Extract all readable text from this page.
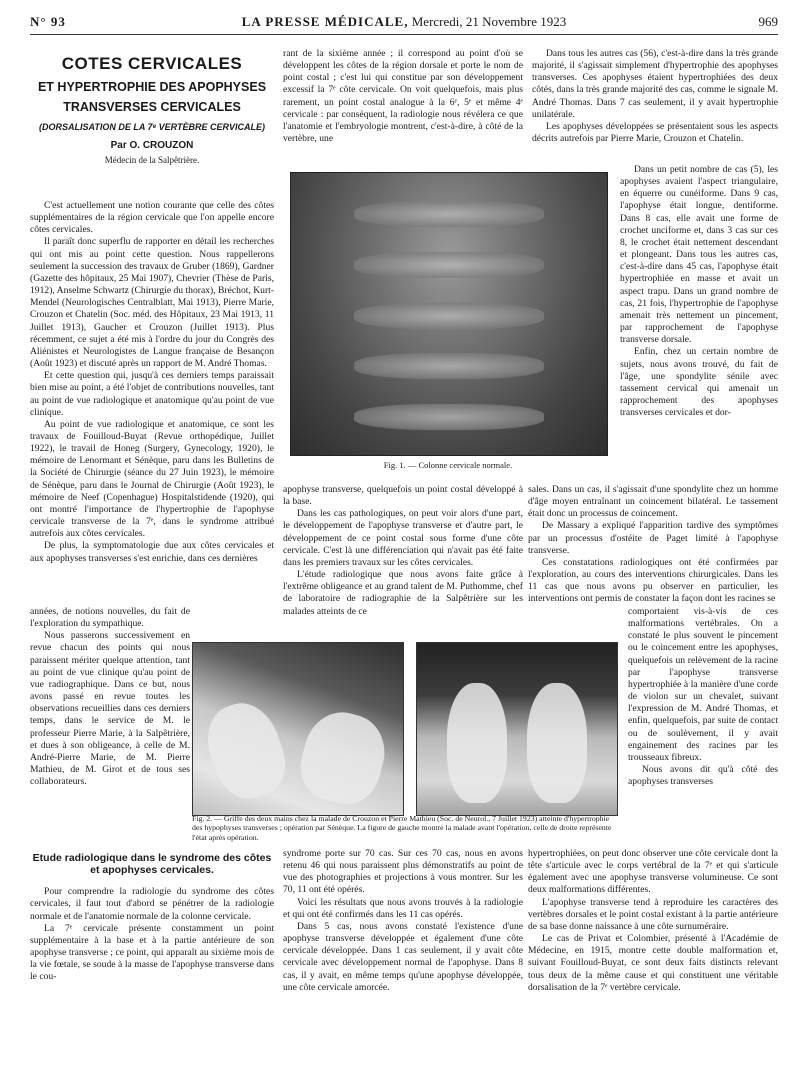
N° 93	LA PRESSE MÉDICALE, Mercredi, 21 Novembre 1923	969
COTES CERVICALES
ET HYPERTROPHIE DES APOPHYSES
TRANSVERSES CERVICALES
(DORSALISATION DE LA 7ᵉ VERTÈBRE CERVICALE)
Par O. CROUZON
Médecin de la Salpêtrière.

C'est actuellement une notion courante que celle des côtes supplémentaires de la région cervicale que l'on appelle encore côtes cervicales.

Il paraît donc superflu de rapporter en détail les recherches qui ont mis au point cette question. Nous rappellerons seulement la succession des travaux de Gruber (1869), Gardner (Gazette des hôpitaux, 25 Mai 1907), Chevrier (Thèse de Paris, 1912), Anselme Schwartz (Chirurgie du thorax), Bréchot, Kurt-Mendel (Neurologisches Centralblatt, Mai 1913), Pierre Marie, Crouzon et Chatelin (Soc. méd. des Hôpitaux, 23 Mai 1913, 11 Juillet 1913), Gaucher et Crouzon (Juillet 1913). Plus récemment, ce sujet a été mis à l'ordre du jour du Congrès des Aliénistes et Neurologistes de Langue française de Besançon (Août 1923) et discuté après un rapport de M. André Thomas.

Et cette question qui, jusqu'à ces derniers temps paraissait bien mise au point, a été l'objet de contributions nouvelles, tant au point de vue radiologique et anatomique qu'au point de vue clinique.

Au point de vue radiologique et anatomique, ce sont les travaux de Fouilloud-Buyat (Revue orthopédique, Juillet 1922), le travail de Honeg (Surgery, Gynecology, 1920), le mémoire de Lenormant et Sénèque, paru dans les Bulletins de la Société de Chirurgie (séance du 27 Juin 1923), le mémoire de Sénèque, paru dans le Journal de Chirurgie (Août 1923), le mémoire de Neef (Copenhague) Hospitalstidende (1920), qui ont montré l'importance de l'hypertrophie de l'apophyse cervicale transverse de la 7ᵉ, dans le syndrome attribué autrefois aux côtes cervicales.

De plus, la symptomatologie due aux côtes cervicales et aux apophyses transverses s'est enrichie, dans ces dernières

années, de notions nouvelles, du fait de l'exploration du sympathique.

Nous passerons successivement en revue chacun des points qui nous paraissent mériter quelque attention, tant au point de vue clinique qu'au point de vue radiographique. Dans ce but, nous avons passé en revue toutes les observations recueillies dans ces derniers temps, dans le service de M. le professeur Pierre Marie, à la Salpêtrière, et dues à son obligeance, à celle de M. André-Pierre Marie, de M. Pierre Mathieu, de M. Girot et de tous ses collaborateurs.

Etude radiologique dans le syndrome des côtes et apophyses cervicales.

Pour comprendre la radiologie du syndrome des côtes cervicales, il faut tout d'abord se pénétrer de la radiologie normale et de l'anatomie normale de la colonne cervicale.

La 7ᵉ cervicale présente constamment un point supplémentaire à la base et à la partie antérieure de son apophyse transverse ; ce point, qui apparaît au sixième mois de la vie fœtale, se soude à la masse de l'apophyse transverse dans le cou-

rant de la sixième année ; il correspond au point d'où se développent les côtes de la région dorsale et porte le nom de point costal ; c'est lui qui constitue par son développement excessif la 7ᵉ côte cervicale. On voit quelquefois, mais plus rarement, un point costal analogue à la 6ᵉ, 5ᵉ et même 4ᵉ cervicale : par conséquent, la radiologie nous révélera ce que l'anatomie et l'embryologie montrent, c'est-à-dire, à côté de la vertèbre, une

Fig. 1. — Colonne cervicale normale.

apophyse transverse, quelquefois un point costal développé à la base.

Dans les cas pathologiques, on peut voir alors d'une part, le développement de l'apophyse transverse et d'autre part, le développement de ce point costal sous forme d'une côte cervicale. C'est là une différenciation qui n'avait pas été faite dans les premiers travaux sur les côtes cervicales.

L'étude radiologique que nous avons faite grâce à l'extrême obligeance et au grand talent de M. Puthomme, chef de laboratoire de radiographie de la Salpêtrière sur les malades atteints de ce

Fig. 2. — Griffe des deux mains chez la malade de Crouzon et Pierre Mathieu (Soc. de Neurol., 7 Juillet 1923) atteinte d'hypertrophie des hypophyses transverses ; opération par Sénèque. La figure de gauche montre la malade avant l'opération, celle de droite représente l'état après opération.

syndrome porte sur 70 cas. Sur ces 70 cas, nous en avons retenu 46 qui nous paraissent plus démonstratifs au point de vue des photographies et projections à vous montrer. Sur les 70, 11 ont été opérés.

Voici les résultats que nous avons trouvés à la radiologie et qui ont été confirmés dans les 11 cas opérés.

Dans 5 cas, nous avons constaté l'existence d'une apophyse transverse développée et également d'une côte cervicale développée. Dans 1 cas seulement, il y avait côte cervicale avec développement normal de l'apophyse. Dans 8 cas, il y avait, en même temps qu'une apophyse développée, une côte cervicale amorcée.

Dans tous les autres cas (56), c'est-à-dire dans la très grande majorité, il s'agissait simplement d'hypertrophie des apophyses transverses. Ces apophyses étaient hypertrophiées des deux côtés, dans la très grande majorité des cas, comme le signale M. André Thomas. Dans 7 cas seulement, il y avait hypertrophie unilatérale.

Les apophyses développées se présentaient sous les aspects décrits autrefois par Pierre Marie, Crouzon et Chatelin.

Dans un petit nombre de cas (5), les apophyses avaient l'aspect triangulaire, en équerre ou cunéiforme. Dans 9 cas, l'apophyse était longue, dentiforme. Dans 8 cas, elle avait une forme de crochet unciforme et, dans 3 cas sur ces 8, le crochet était nettement descendant et plongeant. Dans tous les autres cas, c'est-à-dire dans 45 cas, l'apophyse était hypertrophiée en masse et avait un aspect trapu. Dans un grand nombre de cas, 21 fois, l'hypertrophie de l'apophyse amenait très nettement un pincement, par rapprochement de l'apophyse transverse dorsale.

Enfin, chez un certain nombre de sujets, nous avons trouvé, du fait de l'âge, une spondylite sénile avec tassement cervical qui amenait un rapprochement des apophyses transverses cervicales et dor-

sales. Dans un cas, il s'agissait d'une spondylite chez un homme d'âge moyen entraînant un coincement bilatéral. Le tassement était donc un processus de coincement.

De Massary a expliqué l'apparition tardive des symptômes par un processus d'ostéite de Paget limité à l'apophyse transverse.

Ces constatations radiologiques ont été confirmées par l'exploration, au cours des interventions chirurgicales. Dans les 11 cas que nous avons pu observer en particulier, les interventions ont permis de constater la façon dont les racines se

comportaient vis-à-vis de ces malformations vertébrales. On a constaté le plus souvent le pincement ou le coincement entre les apophyses, quelquefois un relèvement de la racine par l'apophyse transverse hypertrophiée à la manière d'une corde de violon sur un chevalet, suivant l'expression de M. André Thomas, et enfin, quelquefois, par suite de contact ou de soulèvement, il y avait engainement des racines par les trousseaux fibreux.

Nous avons dit qu'à côté des apophyses transverses

hypertrophiées, on peut donc observer une côte cervicale dont la tête s'articule avec le corps vertébral de la 7ᵉ et qui s'articule également avec une apophyse transverse volumineuse. Ce sont deux malformations différentes.

L'apophyse transverse tend à reproduire les caractères des vertèbres dorsales et le point costal existant à la partie antérieure de sa base donne naissance à une côte surnuméraire.

Le cas de Privat et Colombier, présenté à l'Académie de Médecine, en 1915, montre cette double malformation et, suivant Fouilloud-Buyat, ce sont deux faits distincts relevant tous deux de la même cause et qui constituent une véritable dorsalisation de la 7ᵉ vertèbre cervicale.
